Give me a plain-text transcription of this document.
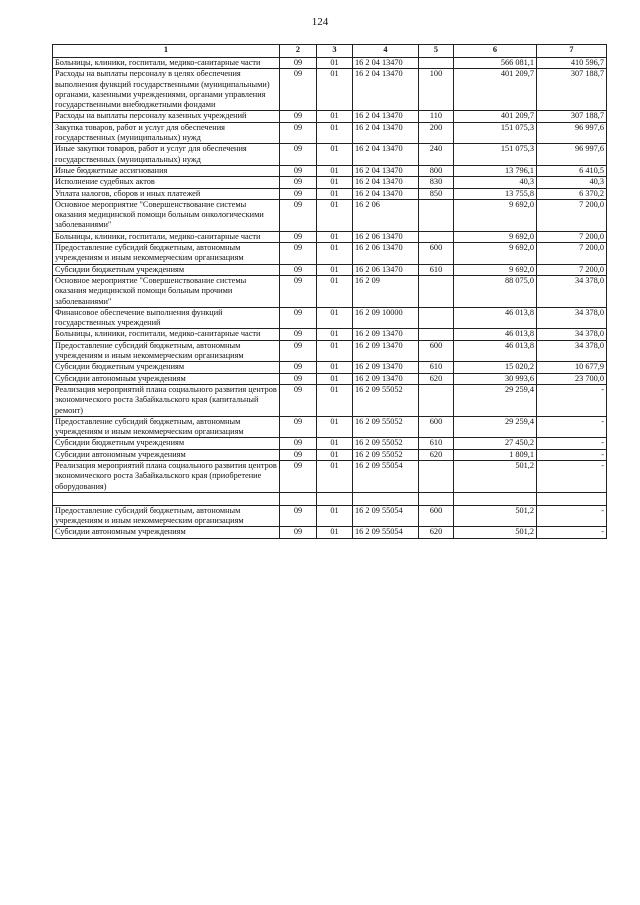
124
1	2	3	4	5	6	7
Больницы, клиники, госпитали, медико-санитарные части	09	01	16 2 04 13470		566 081,1	410 596,7
Расходы на выплаты персоналу в целях обеспечения выполнения функций государственными (муниципальными) органами, казенными учреждениями, органами управления государственными внебюджетными фондами	09	01	16 2 04 13470	100	401 209,7	307 188,7
Расходы на выплаты персоналу казенных учреждений	09	01	16 2 04 13470	110	401 209,7	307 188,7
Закупка товаров, работ и услуг для обеспечения государственных (муниципальных) нужд	09	01	16 2 04 13470	200	151 075,3	96 997,6
Иные закупки товаров, работ и услуг для обеспечения государственных (муниципальных) нужд	09	01	16 2 04 13470	240	151 075,3	96 997,6
Иные бюджетные ассигнования	09	01	16 2 04 13470	800	13 796,1	6 410,5
Исполнение судебных актов	09	01	16 2 04 13470	830	40,3	40,3
Уплата налогов, сборов и иных платежей	09	01	16 2 04 13470	850	13 755,8	6 370,2
Основное мероприятие "Совершенствование системы оказания медицинской помощи больным онкологическими заболеваниями"	09	01	16 2 06		9 692,0	7 200,0
Больницы, клиники, госпитали, медико-санитарные части	09	01	16 2 06 13470		9 692,0	7 200,0
Предоставление субсидий бюджетным, автономным учреждениям и иным некоммерческим организациям	09	01	16 2 06 13470	600	9 692,0	7 200,0
Субсидии бюджетным учреждениям	09	01	16 2 06 13470	610	9 692,0	7 200,0
Основное мероприятие "Совершенствование системы оказания медицинской помощи больным прочими заболеваниями"	09	01	16 2 09		88 075,0	34 378,0
Финансовое обеспечение выполнения функций государственных учреждений	09	01	16 2 09 10000		46 013,8	34 378,0
Больницы, клиники, госпитали, медико-санитарные части	09	01	16 2 09 13470		46 013,8	34 378,0
Предоставление субсидий бюджетным, автономным учреждениям и иным некоммерческим организациям	09	01	16 2 09 13470	600	46 013,8	34 378,0
Субсидии бюджетным учреждениям	09	01	16 2 09 13470	610	15 020,2	10 677,9
Субсидии автономным учреждениям	09	01	16 2 09 13470	620	30 993,6	23 700,0
Реализация мероприятий плана социального развития центров экономического роста Забайкальского края (капитальный ремонт)	09	01	16 2 09 55052		29 259,4	-
Предоставление субсидий бюджетным, автономным учреждениям и иным некоммерческим организациям	09	01	16 2 09 55052	600	29 259,4	-
Субсидии бюджетным учреждениям	09	01	16 2 09 55052	610	27 450,2	-
Субсидии автономным учреждениям	09	01	16 2 09 55052	620	1 809,1	-
Реализация мероприятий плана социального развития центров экономического роста Забайкальского края (приобретение оборудования)	09	01	16 2 09 55054		501,2	-

Предоставление субсидий бюджетным, автономным учреждениям и иным некоммерческим организациям	09	01	16 2 09 55054	600	501,2	-
Субсидии автономным учреждениям	09	01	16 2 09 55054	620	501,2	-
